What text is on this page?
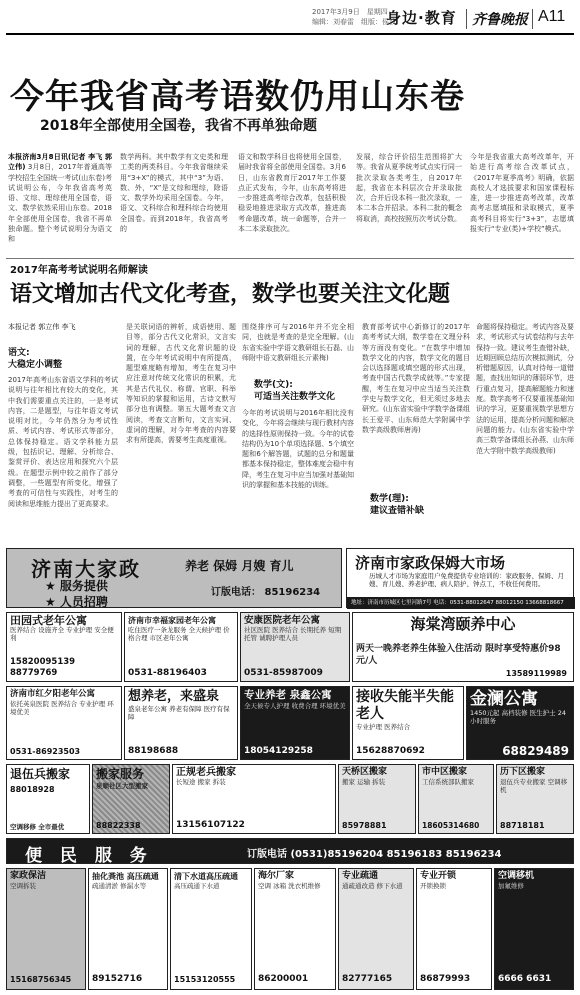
2017年3月9日　星期四
编辑：刘春雷　组版：侯波
身边·教育 齐鲁晚报 A11
今年我省高考语数仍用山东卷
2018年全部使用全国卷，我省不再单独命题
本报济南3月8日讯(记者 李飞 郭立伟) 3月8日，2017年普通高等学校招生全国统一考试(山东卷)考试说明公布，今年我省高考英语、文综、理综使用全国卷，语文、数学依然采用山东卷。2018年全部使用全国卷，我省不再单独命题。整个考试说明分为语文和
数学两科。其中数学有文史类和理工类的两类科目。今年我省继续采用“3+X”的模式，其中“3”为语、数、外，“X”是文综和理综，除语文、数学外均采用全国卷。今年，语文、文科综合和理科综合均使用全国卷。而到2018年，我省高考的
语文和数学科目也将使用全国卷，届时我省将全部使用全国卷。3月6日，山东省教育厅2017年工作要点正式发布，今年，山东高考将进一步推进高考综合改革，包括积极稳妥地推进录取方式改革，推进高考命题改革，统一命题等，合并一本二本录取批次。
发展，综合评价招生范围将扩大等。我省从夏季统考试点实行同一批次录取各类考生，自2017年起，我省在本科层次合并录取批次，合并后设本科一批次录取，一本二本合并招录。本科二批的概念将取消，高校按照历次考试分数。
今年是我省重大高考改革年，开始进行高考综合改革试点，《2017年夏季高考》明确，依据高校人才选拔要求和国家课程标准，进一步推进高考改革，改革高考志愿填报和录取模式，夏季高考科目将实行“3+3”，志愿填报实行“专业(类)+学校”模式。
2017年高考考试说明名师解读
语文增加古代文化考查，数学也要关注文化题
本报记者 郭立伟 李飞
语文:
大稳定小调整
2017年高考山东省语文学科的考试说明与往年相比有较大的变化，其中我们需要重点关注的，一是考试内容，二是题型，与往年语文考试说明对比，今年仍然分为考试性质、考试内容、考试形式等部分，总体保持稳定。语文学科能力层级，包括识记、理解、分析综合、鉴赏评价、表达应用和探究六个层级。在题型示例中较之前作了部分调整，一些题型有所变化，增强了考查的可信性与实践性，对考生的阅读和思维能力提出了更高要求。
是关联词语的辨析，成语使用、题目等，部分古代文化常识，文言实词的理解，古代文化常识题的设置，在今年考试说明中有所提高，题型难度略有增加，考生在复习中应注意对传统文化常识的积累，尤其是古代礼仪、称谓、官职、科举等知识的掌握和运用，古诗文默写部分也有调整。第五大题考查文言阅读，考查文言断句，文言实词、虚词的理解，对今年考查的内容要求有所提高，需要考生高度重视。
围绕排序可与2016年并不完全相同，也就是考查的是完全理解。(山东省实验中学语文教研组长石磊、山师附中语文教研组长亓素梅)
数学(文):
可适当关注数学文化
今年的考试说明与2016年相比没有变化，今年将会继续与现行教材内容的选择性原则保持一致。今年的试卷结构仍为10个单项选择题、5个填空题和6个解答题，试题的总分和题量都基本保持稳定，整体难度会稳中有降，考生在复习中应当加强对基础知识的掌握和基本技能的训练。
教育部考试中心新修订的2017年高考考试大纲，数学卷在文理分科等方面没有变化。“在数学中增加数学文化的内容，数学文化的题目会以选择题或填空题的形式出现，考查中国古代数学成就等。”专家提醒，考生在复习中应当适当关注数学史与数学文化，但无须过多地去研究。(山东省实验中学数学备课组长王爱平、山东师范大学附属中学数学高级教师唐涛)
数学(理):
建议查错补缺
命题将保持稳定。考试内容及要求，考试形式与试卷结构与去年保持一致。建议考生查错补缺，近期回顾总结历次模拟测试，分析错题原因，认真对待每一道错题，查找出知识的薄弱环节，进行重点复习，提高解题能力和速度。数学高考不仅要重视基础知识的学习，更要重视数学思想方法的运用，提高分析问题和解决问题的能力。(山东省实验中学高三数学备课组长孙燕、山东师范大学附中数学高级教师)
济南大家政	养老 保姆 月嫂 育儿
★ 服务提供
★ 人员招聘
订版电话： 85196234
济南市家政保姆大市场
历城人才市场为家庭用户免费提供专业培训的：家政服务、保姆、月嫂、育儿嫂、养老护理、病人陪护、钟点工，不收任何费用。
地址：济南市历城区七里河路7号 电话：0531-88012647 88012150 13668818667
田园式老年公寓
医养结合 设施齐全 专业护理 安全便利
15820095139 88779769
济南市幸福家园老年公寓
吃住医疗一条龙服务 全天候护理 价格合理 市区老年公寓
0531-88196403
安康医院老年公寓
社区医院 医养结合 长期托养 短期托管 诚聘护理人员
0531-85987009
海棠湾颐养中心
两天一晚养老养生体验入住活动 限时享受特惠价98元/人
13589119989
济南市红夕阳老年公寓
依托英泉医院 医养结合 专业护理 环境优美
0531-86923503
想养老，来盛泉
盛泉老年公寓 养老有保障 医疗有保障
88198688
专业养老 泉鑫公寓
全天候专人护理 收费合理 环境优美
18054129258
接收失能半失能老人
专业护理 医养结合
15628870692
金澜公寓
1450元起 高档装修 医生护士 24小时服务
68829489
退伍兵搬家
88018928
空调移修 全市最优
搬家服务
泉顺社区大型搬家
88822338
正规老兵搬家
长短途 搬家 拆装
13156107122
天桥区搬家
搬家 运输 拆装
85978881
市中区搬家
工信系统部队搬家
18605314680
历下区搬家
退伍兵专业搬家 空调移机
88718181
便 民 服 务	订版电话 (0531)85196204 85196183 85196234
家政保洁
空调拆装
15168756345
抽化粪池 高压疏通
疏通清淤 修漏水等
89152716
清下水道高压疏通
高压疏通下水道
15153120555
海尔厂家
空调 冰箱 洗衣机维修
86200001
专业疏通
通疏通改造 修下水道
82777165
专业开锁
开锁换锁
86879993
空调移机
加氟维修
6666 6631
